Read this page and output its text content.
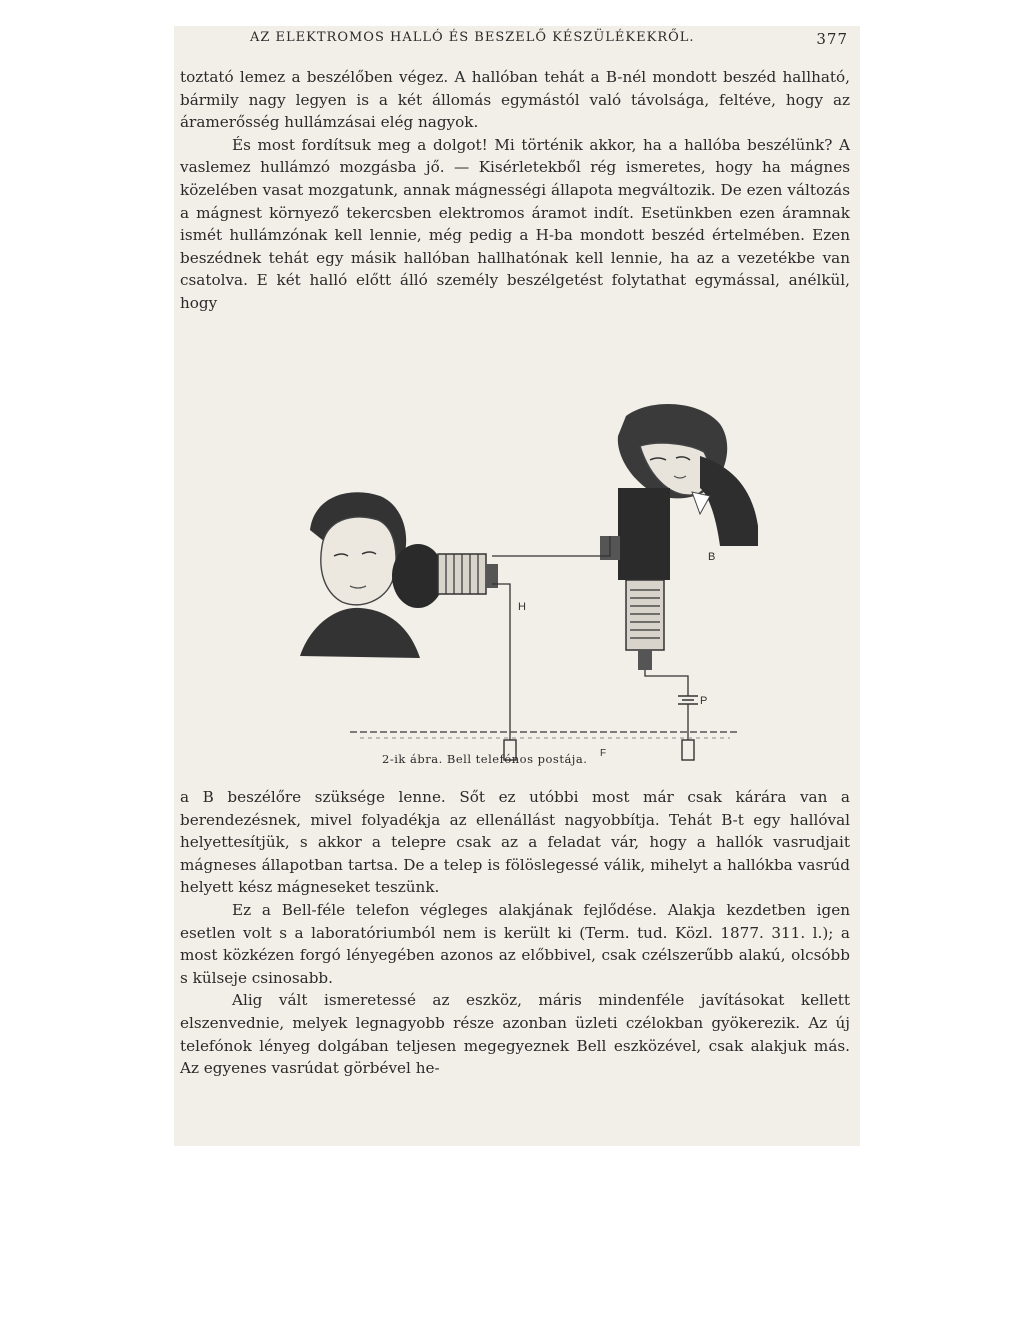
AZ ELEKTROMOS HALLÓ ÉS BESZELŐ KÉSZÜLÉKEKRŐL.	377

toztató lemez a beszélőben végez. A hallóban tehát a B-nél mondott beszéd hallható, bármily nagy legyen is a két állomás egymástól való távolsága, feltéve, hogy az áramerősség hullámzásai elég nagyok.

És most fordítsuk meg a dolgot! Mi történik akkor, ha a hallóba beszélünk? A vaslemez hullámzó mozgásba jő. — Kisérletekből rég ismeretes, hogy ha mágnes közelében vasat mozgatunk, annak mágnességi állapota megváltozik. De ezen változás a mágnest környező tekercsben elektromos áramot indít. Esetünkben ezen áramnak ismét hullámzónak kell lennie, még pedig a H-ba mondott beszéd értelmében. Ezen beszédnek tehát egy másik hallóban hallhatónak kell lennie, ha az a vezetékbe van csatolva. E két halló előtt álló személy beszélgetést folytathat egymással, anélkül, hogy

H
B
P
F
2-ik ábra. Bell telefónos postája.

a B beszélőre szüksége lenne. Sőt ez utóbbi most már csak kárára van a berendezésnek, mivel folyadékja az ellenállást nagyobbítja. Tehát B-t egy hallóval helyettesítjük, s akkor a telepre csak az a feladat vár, hogy a hallók vasrudjait mágneses állapotban tartsa. De a telep is fölöslegessé válik, mihelyt a hallókba vasrúd helyett kész mágneseket teszünk.

Ez a Bell-féle telefon végleges alakjának fejlődése. Alakja kezdetben igen esetlen volt s a laboratóriumból nem is került ki (Term. tud. Közl. 1877. 311. l.); a most közkézen forgó lényegében azonos az előbbivel, csak czélszerűbb alakú, olcsóbb s külseje csinosabb.

Alig vált ismeretessé az eszköz, máris mindenféle javításokat kellett elszenvednie, melyek legnagyobb része azonban üzleti czélokban gyökerezik. Az új telefónok lényeg dolgában teljesen megegyeznek Bell eszközével, csak alakjuk más. Az egyenes vasrúdat görbével he-
